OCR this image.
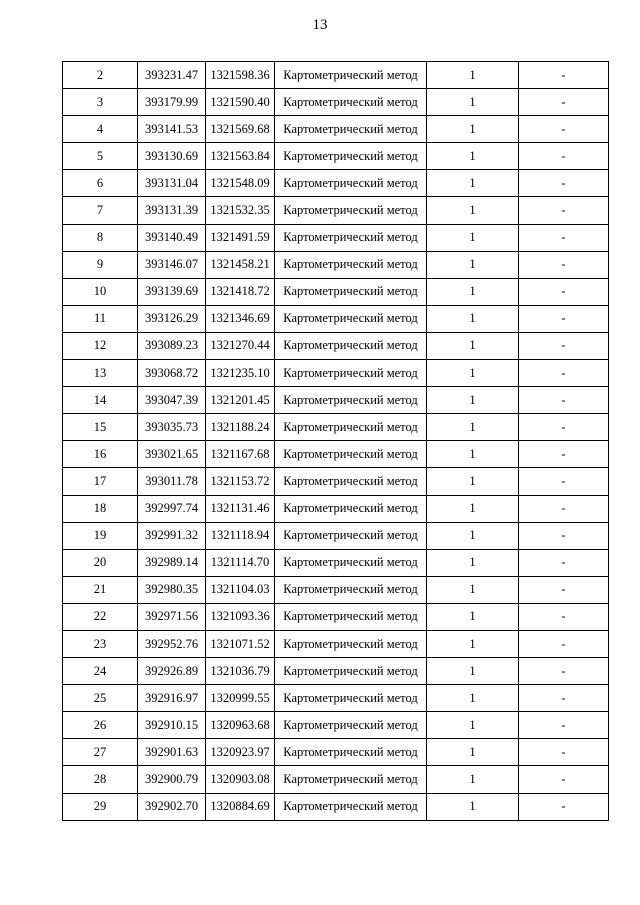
13
2	393231.47	1321598.36	Картометрический метод	1	-
3	393179.99	1321590.40	Картометрический метод	1	-
4	393141.53	1321569.68	Картометрический метод	1	-
5	393130.69	1321563.84	Картометрический метод	1	-
6	393131.04	1321548.09	Картометрический метод	1	-
7	393131.39	1321532.35	Картометрический метод	1	-
8	393140.49	1321491.59	Картометрический метод	1	-
9	393146.07	1321458.21	Картометрический метод	1	-
10	393139.69	1321418.72	Картометрический метод	1	-
11	393126.29	1321346.69	Картометрический метод	1	-
12	393089.23	1321270.44	Картометрический метод	1	-
13	393068.72	1321235.10	Картометрический метод	1	-
14	393047.39	1321201.45	Картометрический метод	1	-
15	393035.73	1321188.24	Картометрический метод	1	-
16	393021.65	1321167.68	Картометрический метод	1	-
17	393011.78	1321153.72	Картометрический метод	1	-
18	392997.74	1321131.46	Картометрический метод	1	-
19	392991.32	1321118.94	Картометрический метод	1	-
20	392989.14	1321114.70	Картометрический метод	1	-
21	392980.35	1321104.03	Картометрический метод	1	-
22	392971.56	1321093.36	Картометрический метод	1	-
23	392952.76	1321071.52	Картометрический метод	1	-
24	392926.89	1321036.79	Картометрический метод	1	-
25	392916.97	1320999.55	Картометрический метод	1	-
26	392910.15	1320963.68	Картометрический метод	1	-
27	392901.63	1320923.97	Картометрический метод	1	-
28	392900.79	1320903.08	Картометрический метод	1	-
29	392902.70	1320884.69	Картометрический метод	1	-
